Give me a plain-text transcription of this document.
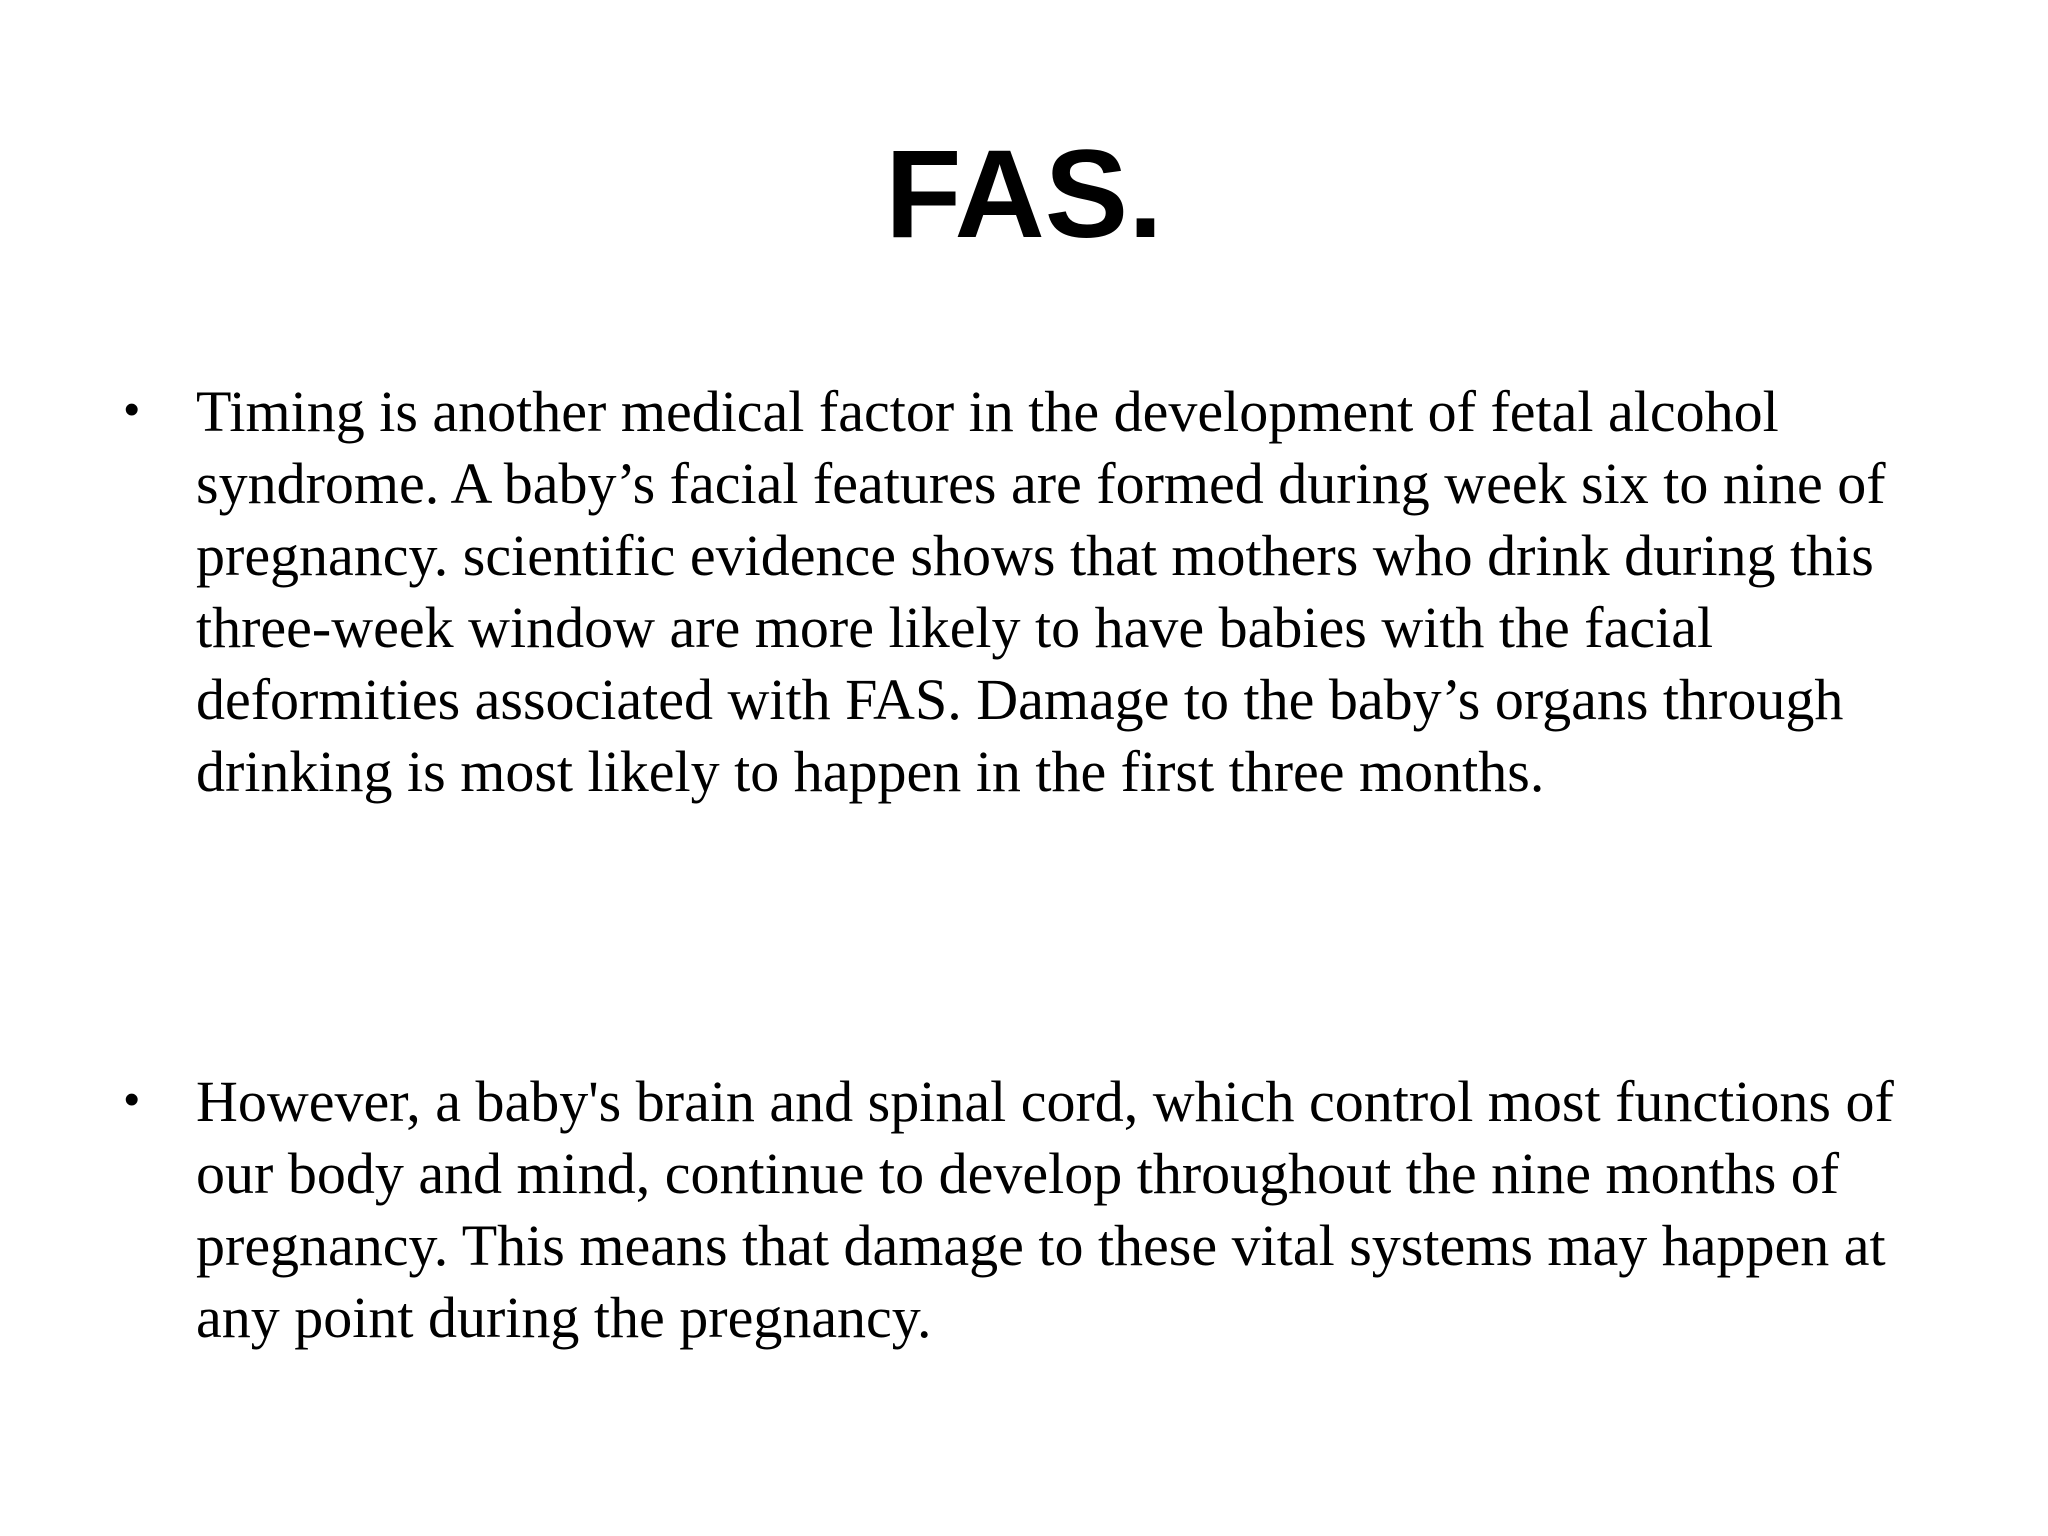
FAS.
• Timing is another medical factor in the development of fetal alcohol syndrome. A baby’s facial features are formed during week six to nine of pregnancy. scientific evidence shows that mothers who drink during this three-week window are more likely to have babies with the facial deformities associated with FAS. Damage to the baby’s organs through drinking is most likely to happen in the first three months.
• However, a baby's brain and spinal cord, which control most functions of our body and mind, continue to develop throughout the nine months of pregnancy. This means that damage to these vital systems may happen at any point during the pregnancy.
